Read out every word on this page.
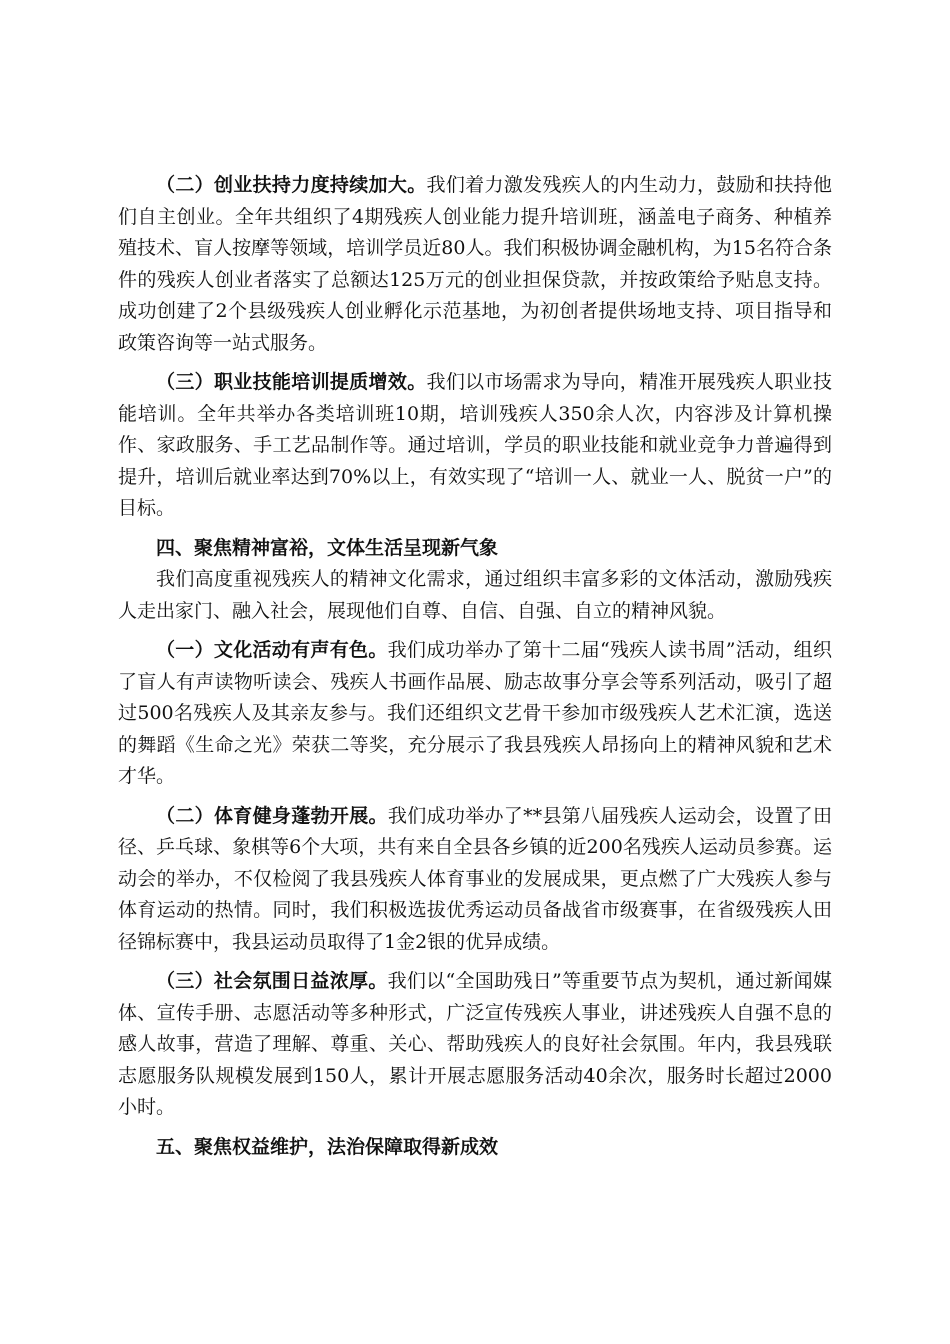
（二）创业扶持力度持续加大。我们着力激发残疾人的内生动力，鼓励和扶持他们自主创业。全年共组织了4期残疾人创业能力提升培训班，涵盖电子商务、种植养殖技术、盲人按摩等领域，培训学员近80人。我们积极协调金融机构，为15名符合条件的残疾人创业者落实了总额达125万元的创业担保贷款，并按政策给予贴息支持。成功创建了2个县级残疾人创业孵化示范基地，为初创者提供场地支持、项目指导和政策咨询等一站式服务。

（三）职业技能培训提质增效。我们以市场需求为导向，精准开展残疾人职业技能培训。全年共举办各类培训班10期，培训残疾人350余人次，内容涉及计算机操作、家政服务、手工艺品制作等。通过培训，学员的职业技能和就业竞争力普遍得到提升，培训后就业率达到70%以上，有效实现了“培训一人、就业一人、脱贫一户”的目标。

四、聚焦精神富裕，文体生活呈现新气象

我们高度重视残疾人的精神文化需求，通过组织丰富多彩的文体活动，激励残疾人走出家门、融入社会，展现他们自尊、自信、自强、自立的精神风貌。

（一）文化活动有声有色。我们成功举办了第十二届“残疾人读书周”活动，组织了盲人有声读物听读会、残疾人书画作品展、励志故事分享会等系列活动，吸引了超过500名残疾人及其亲友参与。我们还组织文艺骨干参加市级残疾人艺术汇演，选送的舞蹈《生命之光》荣获二等奖，充分展示了我县残疾人昂扬向上的精神风貌和艺术才华。

（二）体育健身蓬勃开展。我们成功举办了**县第八届残疾人运动会，设置了田径、乒乓球、象棋等6个大项，共有来自全县各乡镇的近200名残疾人运动员参赛。运动会的举办，不仅检阅了我县残疾人体育事业的发展成果，更点燃了广大残疾人参与体育运动的热情。同时，我们积极选拔优秀运动员备战省市级赛事，在省级残疾人田径锦标赛中，我县运动员取得了1金2银的优异成绩。

（三）社会氛围日益浓厚。我们以“全国助残日”等重要节点为契机，通过新闻媒体、宣传手册、志愿活动等多种形式，广泛宣传残疾人事业，讲述残疾人自强不息的感人故事，营造了理解、尊重、关心、帮助残疾人的良好社会氛围。年内，我县残联志愿服务队规模发展到150人，累计开展志愿服务活动40余次，服务时长超过2000小时。

五、聚焦权益维护，法治保障取得新成效
